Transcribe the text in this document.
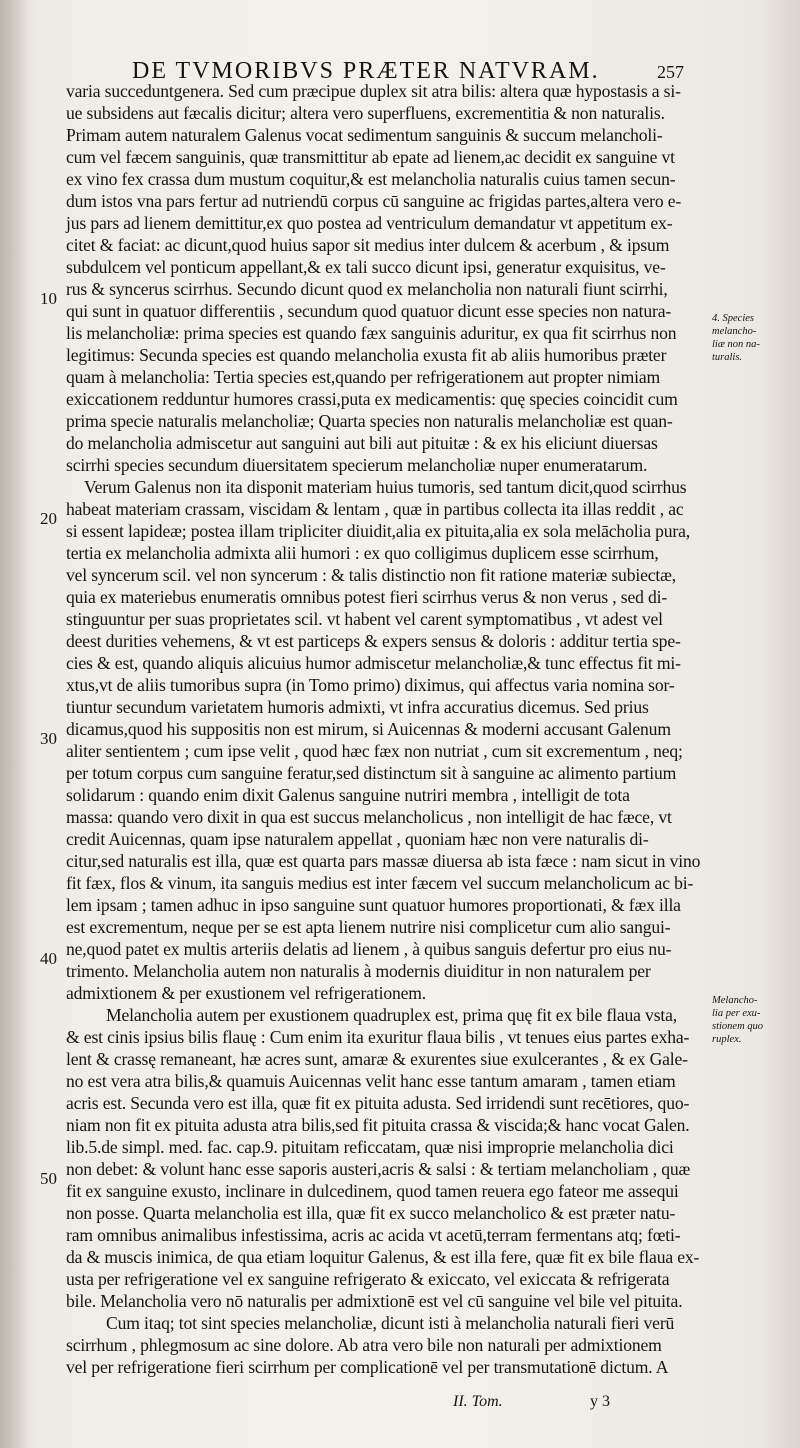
DE TVMORIBVS PRÆTER NATVRAM.	257
varia succeduntgenera. Sed cum præcipue duplex sit atra bilis: altera quæ hypostasis a si-
ue subsidens aut fæcalis dicitur; altera vero superfluens, excrementitia & non naturalis.
Primam autem naturalem Galenus vocat sedimentum sanguinis & succum melancholi-
cum vel fæcem sanguinis, quæ transmittitur ab epate ad lienem,ac decidit ex sanguine vt
ex vino fex crassa dum mustum coquitur,& est melancholia naturalis cuius tamen secun-
dum istos vna pars fertur ad nutriendū corpus cū sanguine ac frigidas partes,altera vero e-
jus pars ad lienem demittitur,ex quo postea ad ventriculum demandatur vt appetitum ex-
citet & faciat: ac dicunt,quod huius sapor sit medius inter dulcem & acerbum , & ipsum
subdulcem vel ponticum appellant,& ex tali succo dicunt ipsi, generatur exquisitus, ve-
rus & syncerus scirrhus. Secundo dicunt quod ex melancholia non naturali fiunt scirrhi,
qui sunt in quatuor differentiis , secundum quod quatuor dicunt esse species non natura-
lis melancholiæ: prima species est quando fæx sanguinis aduritur, ex qua fit scirrhus non
legitimus: Secunda species est quando melancholia exusta fit ab aliis humoribus præter
quam à melancholia: Tertia species est,quando per refrigerationem aut propter nimiam
exiccationem redduntur humores crassi,puta ex medicamentis: quę species coincidit cum
prima specie naturalis melancholiæ; Quarta species non naturalis melancholiæ est quan-
do melancholia admiscetur aut sanguini aut bili aut pituitæ : & ex his eliciunt diuersas
scirrhi species secundum diuersitatem specierum melancholiæ nuper enumeratarum.
Verum Galenus non ita disponit materiam huius tumoris, sed tantum dicit,quod scirrhus
habeat materiam crassam, viscidam & lentam , quæ in partibus collecta ita illas reddit , ac
si essent lapideæ; postea illam tripliciter diuidit,alia ex pituita,alia ex sola melācholia pura,
tertia ex melancholia admixta alii humori : ex quo colligimus duplicem esse scirrhum,
vel syncerum scil. vel non syncerum : & talis distinctio non fit ratione materiæ subiectæ,
quia ex materiebus enumeratis omnibus potest fieri scirrhus verus & non verus , sed di-
stinguuntur per suas proprietates scil. vt habent vel carent symptomatibus , vt adest vel
deest durities vehemens, & vt est particeps & expers sensus & doloris : additur tertia spe-
cies & est, quando aliquis alicuius humor admiscetur melancholiæ,& tunc effectus fit mi-
xtus,vt de aliis tumoribus supra (in Tomo primo) diximus, qui affectus varia nomina sor-
tiuntur secundum varietatem humoris admixti, vt infra accuratius dicemus. Sed prius
dicamus,quod his suppositis non est mirum, si Auicennas & moderni accusant Galenum
aliter sentientem ; cum ipse velit , quod hæc fæx non nutriat , cum sit excrementum , neq;
per totum corpus cum sanguine feratur,sed distinctum sit à sanguine ac alimento partium
solidarum : quando enim dixit Galenus sanguine nutriri membra , intelligit de tota
massa: quando vero dixit in qua est succus melancholicus , non intelligit de hac fæce, vt
credit Auicennas, quam ipse naturalem appellat , quoniam hæc non vere naturalis di-
citur,sed naturalis est illa, quæ est quarta pars massæ diuersa ab ista fæce : nam sicut in vino
fit fæx, flos & vinum, ita sanguis medius est inter fæcem vel succum melancholicum ac bi-
lem ipsam ; tamen adhuc in ipso sanguine sunt quatuor humores proportionati, & fæx illa
est excrementum, neque per se est apta lienem nutrire nisi complicetur cum alio sangui-
ne,quod patet ex multis arteriis delatis ad lienem , à quibus sanguis defertur pro eius nu-
trimento. Melancholia autem non naturalis à modernis diuiditur in non naturalem per
admixtionem & per exustionem vel refrigerationem.
Melancholia autem per exustionem quadruplex est, prima quę fit ex bile flaua vsta,
& est cinis ipsius bilis flauę : Cum enim ita exuritur flaua bilis , vt tenues eius partes exha-
lent & crassę remaneant, hæ acres sunt, amaræ & exurentes siue exulcerantes , & ex Gale-
no est vera atra bilis,& quamuis Auicennas velit hanc esse tantum amaram , tamen etiam
acris est. Secunda vero est illa, quæ fit ex pituita adusta. Sed irridendi sunt recētiores, quo-
niam non fit ex pituita adusta atra bilis,sed fit pituita crassa & viscida;& hanc vocat Galen.
lib.5.de simpl. med. fac. cap.9. pituitam reficcatam, quæ nisi improprie melancholia dici
non debet: & volunt hanc esse saporis austeri,acris & salsi : & tertiam melancholiam , quæ
fit ex sanguine exusto, inclinare in dulcedinem, quod tamen reuera ego fateor me assequi
non posse. Quarta melancholia est illa, quæ fit ex succo melancholico & est præter natu-
ram omnibus animalibus infestissima, acris ac acida vt acetū,terram fermentans atq; fœti-
da & muscis inimica, de qua etiam loquitur Galenus, & est illa fere, quæ fit ex bile flaua ex-
usta per refrigeratione vel ex sanguine refrigerato & exiccato, vel exiccata & refrigerata
bile. Melancholia vero nō naturalis per admixtionē est vel cū sanguine vel bile vel pituita.
Cum itaq; tot sint species melancholiæ, dicunt isti à melancholia naturali fieri verū
scirrhum , phlegmosum ac sine dolore. Ab atra vero bile non naturali per admixtionem
vel per refrigeratione fieri scirrhum per complicationē vel per transmutationē dictum. A
10
20
30
40
50
4. Species
melancho-
liæ non na-
turalis.
Melancho-
lia per exu-
stionem quo
ruplex.
II. Tom.	y 3
